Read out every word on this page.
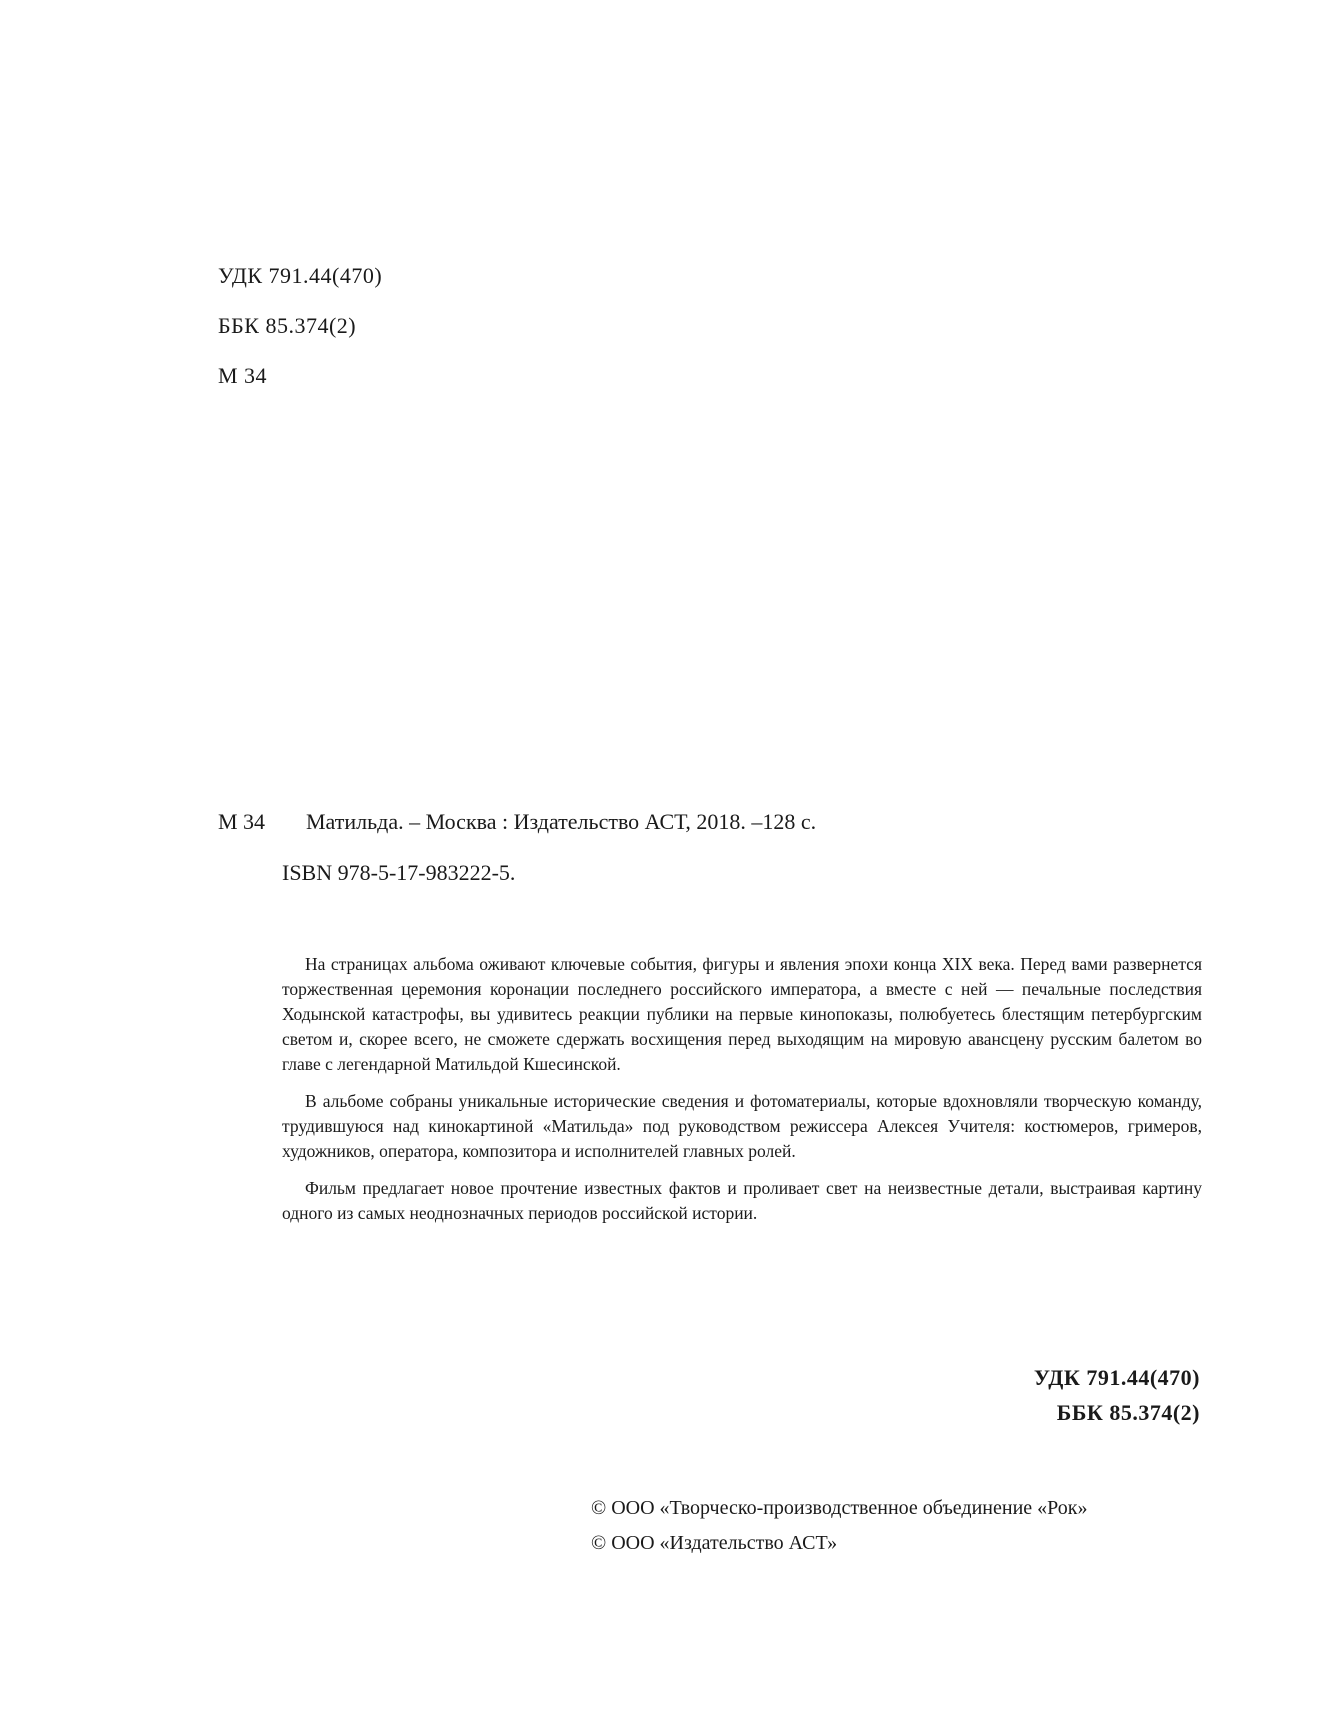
УДК 791.44(470)
ББК 85.374(2)
М 34
М 34 Матильда. – Москва : Издательство АСТ, 2018. –128 с.
ISBN 978-5-17-983222-5.

На страницах альбома оживают ключевые события, фигуры и явления эпохи конца XIX века. Перед вами развернется торжественная церемония коронации последнего российского императора, а вместе с ней — печальные последствия Ходынской катастрофы, вы удивитесь реакции публики на первые кинопоказы, полюбуетесь блестящим петербургским светом и, скорее всего, не сможете сдержать восхищения перед выходящим на мировую авансцену русским балетом во главе с легендарной Матильдой Кшесинской.

В альбоме собраны уникальные исторические сведения и фотоматериалы, которые вдохновляли творческую команду, трудившуюся над кинокартиной «Матильда» под руководством режиссера Алексея Учителя: костюмеров, гримеров, художников, оператора, композитора и исполнителей главных ролей.

Фильм предлагает новое прочтение известных фактов и проливает свет на неизвестные детали, выстраивая картину одного из самых неоднозначных периодов российской истории.

УДК 791.44(470)
ББК 85.374(2)
© ООО «Творческо-производственное объединение «Рок»
© ООО «Издательство АСТ»
